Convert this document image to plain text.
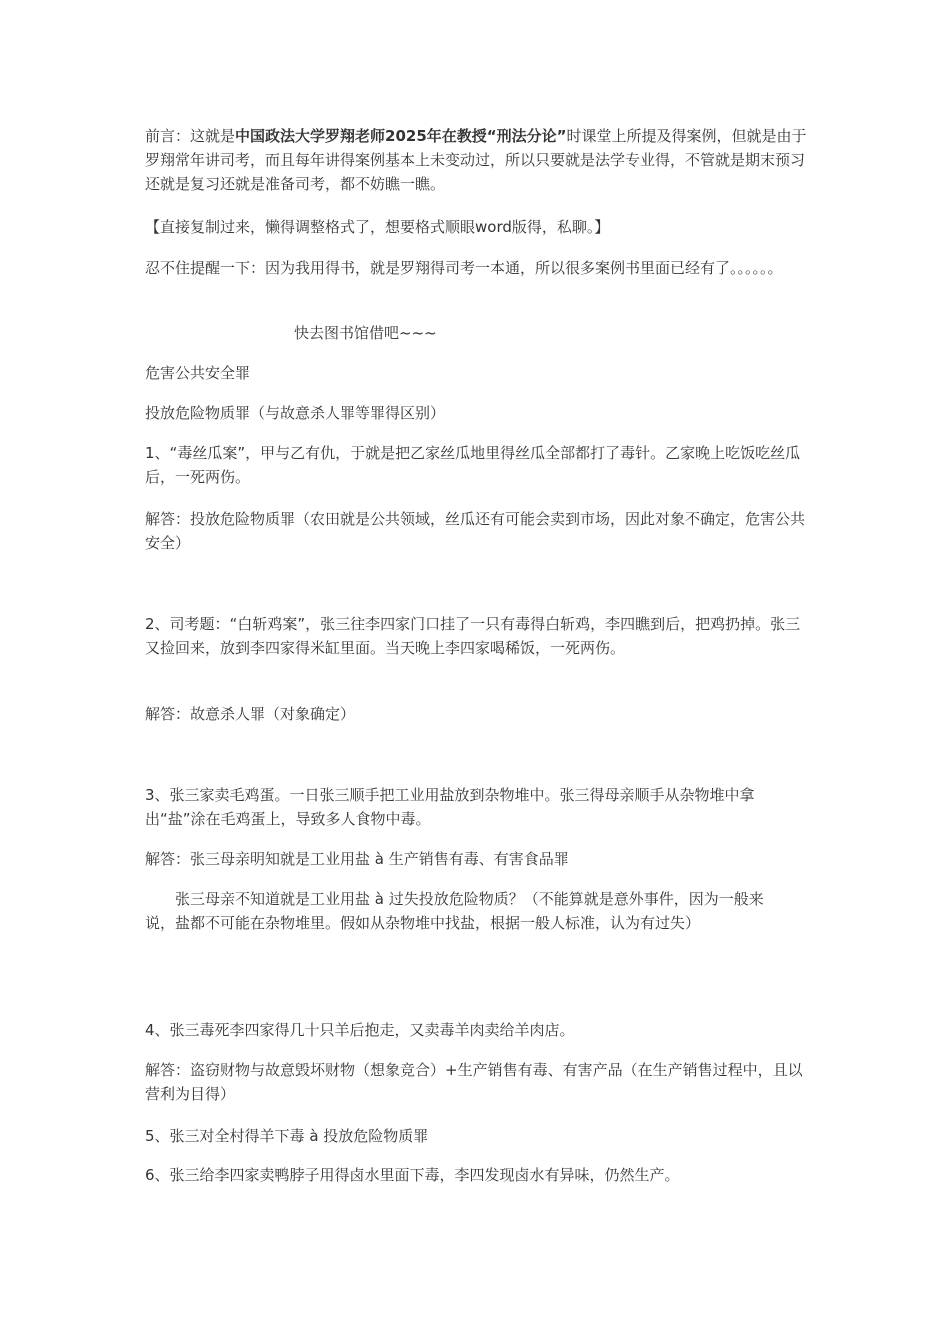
前言：这就是中国政法大学罗翔老师2025年在教授“刑法分论”时课堂上所提及得案例，但就是由于罗翔常年讲司考，而且每年讲得案例基本上未变动过，所以只要就是法学专业得，不管就是期末预习还就是复习还就是准备司考，都不妨瞧一瞧。

【直接复制过来，懒得调整格式了，想要格式顺眼word版得，私聊。】

忍不住提醒一下：因为我用得书，就是罗翔得司考一本通，所以很多案例书里面已经有了。。。。。。

快去图书馆借吧~~~

危害公共安全罪

投放危险物质罪（与故意杀人罪等罪得区别）

1、“毒丝瓜案”，甲与乙有仇，于就是把乙家丝瓜地里得丝瓜全部都打了毒针。乙家晚上吃饭吃丝瓜后，一死两伤。

解答：投放危险物质罪（农田就是公共领域，丝瓜还有可能会卖到市场，因此对象不确定，危害公共安全）

2、司考题：“白斩鸡案”，张三往李四家门口挂了一只有毒得白斩鸡，李四瞧到后，把鸡扔掉。张三又捡回来，放到李四家得米缸里面。当天晚上李四家喝稀饭，一死两伤。

解答：故意杀人罪（对象确定）

3、张三家卖毛鸡蛋。一日张三顺手把工业用盐放到杂物堆中。张三得母亲顺手从杂物堆中拿出“盐”涂在毛鸡蛋上，导致多人食物中毒。

解答：张三母亲明知就是工业用盐 à 生产销售有毒、有害食品罪

张三母亲不知道就是工业用盐 à 过失投放危险物质？（不能算就是意外事件，因为一般来　　说，盐都不可能在杂物堆里。假如从杂物堆中找盐，根据一般人标准，认为有过失）

4、张三毒死李四家得几十只羊后抱走，又卖毒羊肉卖给羊肉店。

解答：盗窃财物与故意毁坏财物（想象竞合）+生产销售有毒、有害产品（在生产销售过程中，且以营利为目得）

5、张三对全村得羊下毒 à 投放危险物质罪

6、张三给李四家卖鸭脖子用得卤水里面下毒，李四发现卤水有异味，仍然生产。
